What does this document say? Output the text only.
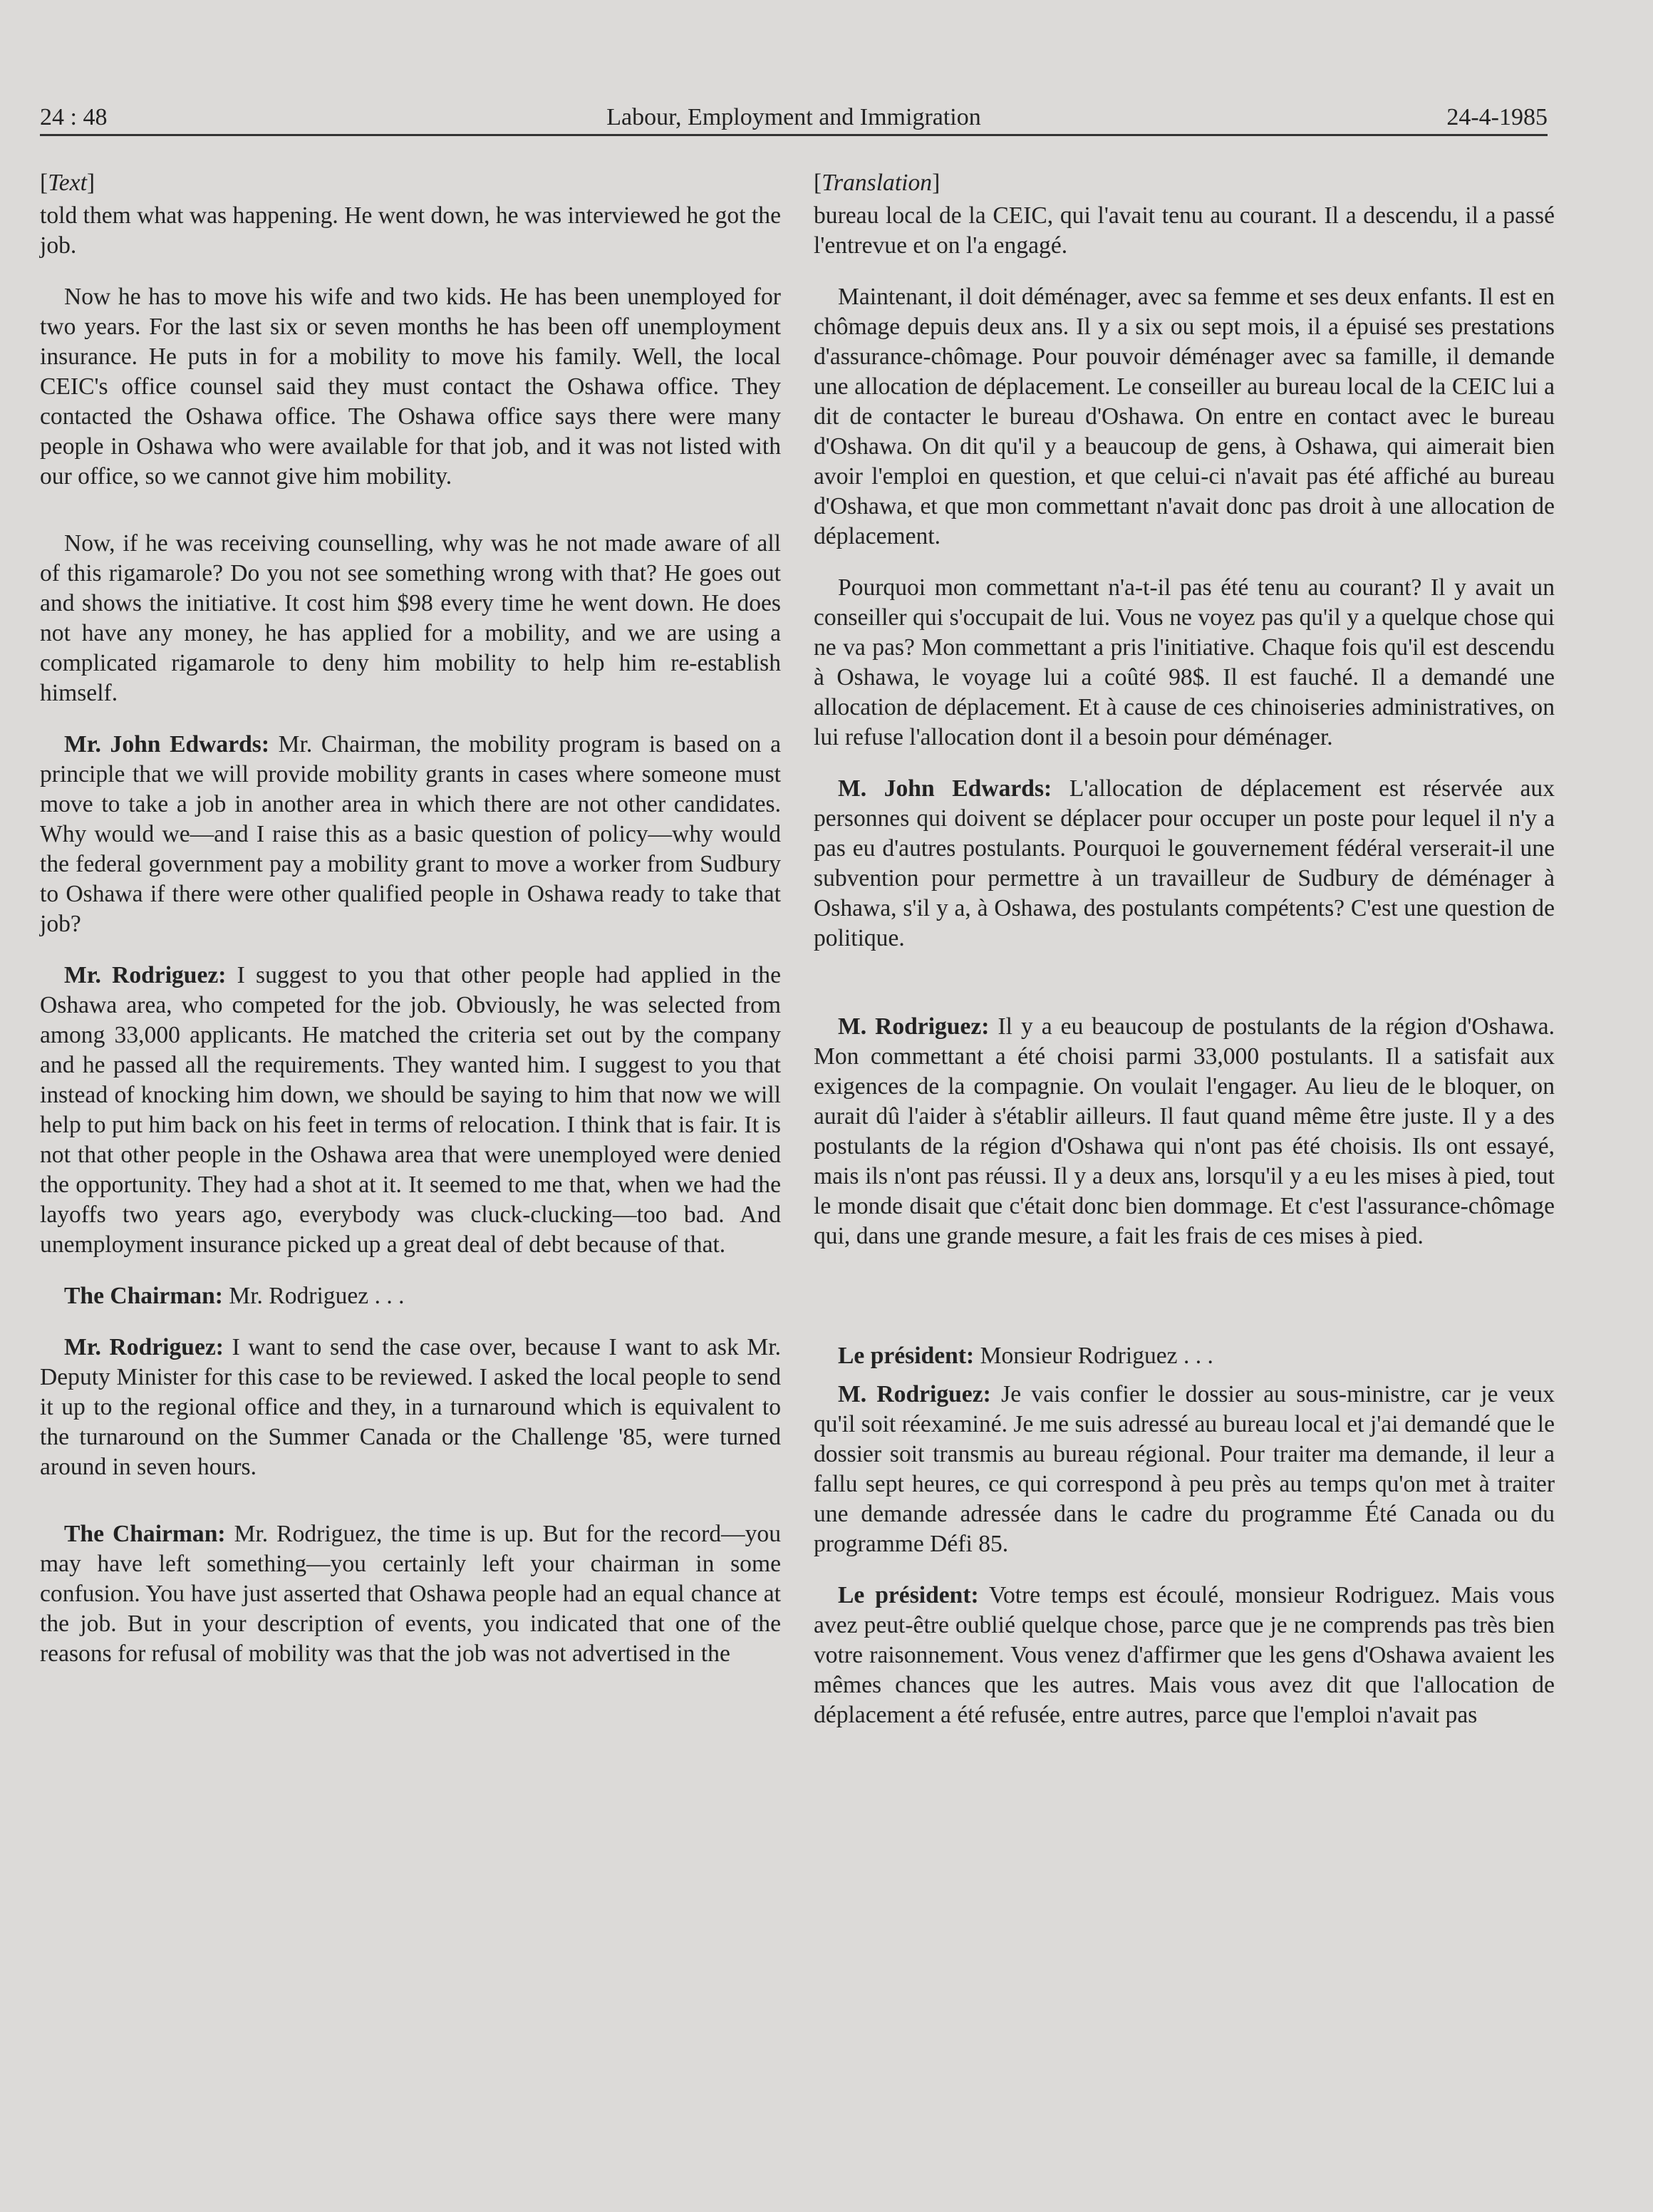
24 : 48	Labour, Employment and Immigration	24-4-1985
[Text]

told them what was happening. He went down, he was interviewed he got the job.

Now he has to move his wife and two kids. He has been unemployed for two years. For the last six or seven months he has been off unemployment insurance. He puts in for a mobility to move his family. Well, the local CEIC's office counsel said they must contact the Oshawa office. They contacted the Oshawa office. The Oshawa office says there were many people in Oshawa who were available for that job, and it was not listed with our office, so we cannot give him mobility.

Now, if he was receiving counselling, why was he not made aware of all of this rigamarole? Do you not see something wrong with that? He goes out and shows the initiative. It cost him $98 every time he went down. He does not have any money, he has applied for a mobility, and we are using a complicated rigamarole to deny him mobility to help him re-establish himself.

Mr. John Edwards: Mr. Chairman, the mobility program is based on a principle that we will provide mobility grants in cases where someone must move to take a job in another area in which there are not other candidates. Why would we—and I raise this as a basic question of policy—why would the federal government pay a mobility grant to move a worker from Sudbury to Oshawa if there were other qualified people in Oshawa ready to take that job?

Mr. Rodriguez: I suggest to you that other people had applied in the Oshawa area, who competed for the job. Obviously, he was selected from among 33,000 applicants. He matched the criteria set out by the company and he passed all the requirements. They wanted him. I suggest to you that instead of knocking him down, we should be saying to him that now we will help to put him back on his feet in terms of relocation. I think that is fair. It is not that other people in the Oshawa area that were unemployed were denied the opportunity. They had a shot at it. It seemed to me that, when we had the layoffs two years ago, everybody was cluck-clucking—too bad. And unemployment insurance picked up a great deal of debt because of that.

The Chairman: Mr. Rodriguez . . .

Mr. Rodriguez: I want to send the case over, because I want to ask Mr. Deputy Minister for this case to be reviewed. I asked the local people to send it up to the regional office and they, in a turnaround which is equivalent to the turnaround on the Summer Canada or the Challenge '85, were turned around in seven hours.

The Chairman: Mr. Rodriguez, the time is up. But for the record—you may have left something—you certainly left your chairman in some confusion. You have just asserted that Oshawa people had an equal chance at the job. But in your description of events, you indicated that one of the reasons for refusal of mobility was that the job was not advertised in the

[Translation]

bureau local de la CEIC, qui l'avait tenu au courant. Il a descendu, il a passé l'entrevue et on l'a engagé.

Maintenant, il doit déménager, avec sa femme et ses deux enfants. Il est en chômage depuis deux ans. Il y a six ou sept mois, il a épuisé ses prestations d'assurance-chômage. Pour pouvoir déménager avec sa famille, il demande une allocation de déplacement. Le conseiller au bureau local de la CEIC lui a dit de contacter le bureau d'Oshawa. On entre en contact avec le bureau d'Oshawa. On dit qu'il y a beaucoup de gens, à Oshawa, qui aimerait bien avoir l'emploi en question, et que celui-ci n'avait pas été affiché au bureau d'Oshawa, et que mon commettant n'avait donc pas droit à une allocation de déplacement.

Pourquoi mon commettant n'a-t-il pas été tenu au courant? Il y avait un conseiller qui s'occupait de lui. Vous ne voyez pas qu'il y a quelque chose qui ne va pas? Mon commettant a pris l'initiative. Chaque fois qu'il est descendu à Oshawa, le voyage lui a coûté 98$. Il est fauché. Il a demandé une allocation de déplacement. Et à cause de ces chinoiseries administratives, on lui refuse l'allocation dont il a besoin pour déménager.

M. John Edwards: L'allocation de déplacement est réservée aux personnes qui doivent se déplacer pour occuper un poste pour lequel il n'y a pas eu d'autres postulants. Pourquoi le gouvernement fédéral verserait-il une subvention pour permettre à un travailleur de Sudbury de déménager à Oshawa, s'il y a, à Oshawa, des postulants compétents? C'est une question de politique.

M. Rodriguez: Il y a eu beaucoup de postulants de la région d'Oshawa. Mon commettant a été choisi parmi 33,000 postulants. Il a satisfait aux exigences de la compagnie. On voulait l'engager. Au lieu de le bloquer, on aurait dû l'aider à s'établir ailleurs. Il faut quand même être juste. Il y a des postulants de la région d'Oshawa qui n'ont pas été choisis. Ils ont essayé, mais ils n'ont pas réussi. Il y a deux ans, lorsqu'il y a eu les mises à pied, tout le monde disait que c'était donc bien dommage. Et c'est l'assurance-chômage qui, dans une grande mesure, a fait les frais de ces mises à pied.

Le président: Monsieur Rodriguez . . .

M. Rodriguez: Je vais confier le dossier au sous-ministre, car je veux qu'il soit réexaminé. Je me suis adressé au bureau local et j'ai demandé que le dossier soit transmis au bureau régional. Pour traiter ma demande, il leur a fallu sept heures, ce qui correspond à peu près au temps qu'on met à traiter une demande adressée dans le cadre du programme Été Canada ou du programme Défi 85.

Le président: Votre temps est écoulé, monsieur Rodriguez. Mais vous avez peut-être oublié quelque chose, parce que je ne comprends pas très bien votre raisonnement. Vous venez d'affirmer que les gens d'Oshawa avaient les mêmes chances que les autres. Mais vous avez dit que l'allocation de déplacement a été refusée, entre autres, parce que l'emploi n'avait pas
